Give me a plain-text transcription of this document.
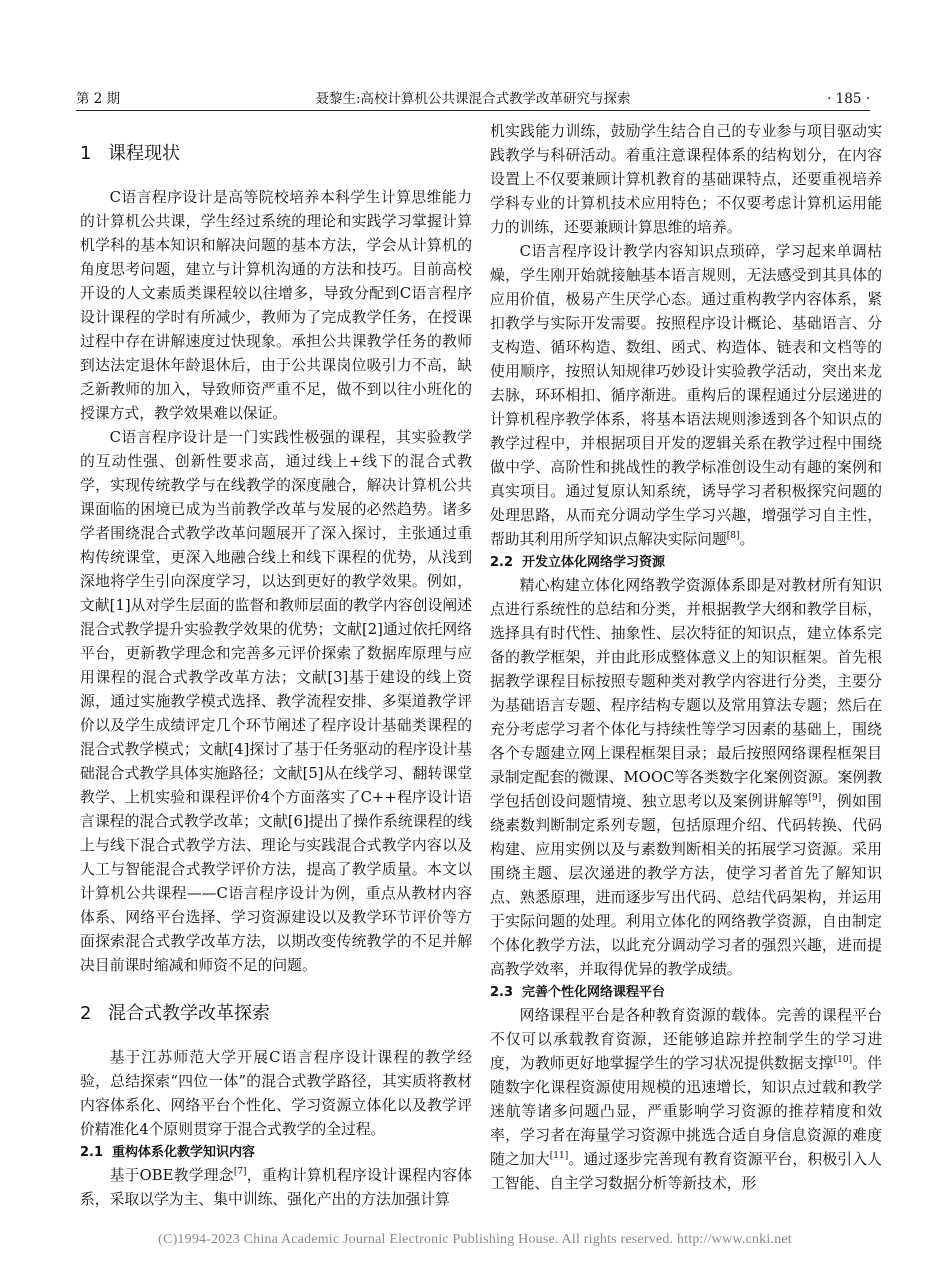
第 2 期	聂黎生:高校计算机公共课混合式教学改革研究与探索	· 185 ·
1 课程现状

C语言程序设计是高等院校培养本科学生计算思维能力的计算机公共课，学生经过系统的理论和实践学习掌握计算机学科的基本知识和解决问题的基本方法，学会从计算机的角度思考问题，建立与计算机沟通的方法和技巧。目前高校开设的人文素质类课程较以往增多，导致分配到C语言程序设计课程的学时有所减少，教师为了完成教学任务，在授课过程中存在讲解速度过快现象。承担公共课教学任务的教师到达法定退休年龄退休后，由于公共课岗位吸引力不高，缺乏新教师的加入，导致师资严重不足，做不到以往小班化的授课方式，教学效果难以保证。

C语言程序设计是一门实践性极强的课程，其实验教学的互动性强、创新性要求高，通过线上+线下的混合式教学，实现传统教学与在线教学的深度融合，解决计算机公共课面临的困境已成为当前教学改革与发展的必然趋势。诸多学者围绕混合式教学改革问题展开了深入探讨，主张通过重构传统课堂，更深入地融合线上和线下课程的优势，从浅到深地将学生引向深度学习，以达到更好的教学效果。例如，文献[1]从对学生层面的监督和教师层面的教学内容创设阐述混合式教学提升实验教学效果的优势；文献[2]通过依托网络平台，更新教学理念和完善多元评价探索了数据库原理与应用课程的混合式教学改革方法；文献[3]基于建设的线上资源，通过实施教学模式选择、教学流程安排、多渠道教学评价以及学生成绩评定几个环节阐述了程序设计基础类课程的混合式教学模式；文献[4]探讨了基于任务驱动的程序设计基础混合式教学具体实施路径；文献[5]从在线学习、翻转课堂教学、上机实验和课程评价4个方面落实了C++程序设计语言课程的混合式教学改革；文献[6]提出了操作系统课程的线上与线下混合式教学方法、理论与实践混合式教学内容以及人工与智能混合式教学评价方法，提高了教学质量。本文以计算机公共课程——C语言程序设计为例，重点从教材内容体系、网络平台选择、学习资源建设以及教学环节评价等方面探索混合式教学改革方法，以期改变传统教学的不足并解决目前课时缩减和师资不足的问题。

2 混合式教学改革探索

基于江苏师范大学开展C语言程序设计课程的教学经验，总结探索“四位一体”的混合式教学路径，其实质将教材内容体系化、网络平台个性化、学习资源立体化以及教学评价精准化4个原则贯穿于混合式教学的全过程。

2.1 重构体系化教学知识内容

基于OBE教学理念[7]，重构计算机程序设计课程内容体系，采取以学为主、集中训练、强化产出的方法加强计算

机实践能力训练，鼓励学生结合自己的专业参与项目驱动实践教学与科研活动。着重注意课程体系的结构划分，在内容设置上不仅要兼顾计算机教育的基础课特点，还要重视培养学科专业的计算机技术应用特色；不仅要考虑计算机运用能力的训练，还要兼顾计算思维的培养。

C语言程序设计教学内容知识点琐碎，学习起来单调枯燥，学生刚开始就接触基本语言规则，无法感受到其具体的应用价值，极易产生厌学心态。通过重构教学内容体系，紧扣教学与实际开发需要。按照程序设计概论、基础语言、分支构造、循环构造、数组、函式、构造体、链表和文档等的使用顺序，按照认知规律巧妙设计实验教学活动，突出来龙去脉，环环相扣、循序渐进。重构后的课程通过分层递进的计算机程序教学体系，将基本语法规则渗透到各个知识点的教学过程中，并根据项目开发的逻辑关系在教学过程中围绕做中学、高阶性和挑战性的教学标准创设生动有趣的案例和真实项目。通过复原认知系统，诱导学习者积极探究问题的处理思路，从而充分调动学生学习兴趣，增强学习自主性，帮助其利用所学知识点解决实际问题[8]。

2.2 开发立体化网络学习资源

精心构建立体化网络教学资源体系即是对教材所有知识点进行系统性的总结和分类，并根据教学大纲和教学目标，选择具有时代性、抽象性、层次特征的知识点，建立体系完备的教学框架，并由此形成整体意义上的知识框架。首先根据教学课程目标按照专题种类对教学内容进行分类，主要分为基础语言专题、程序结构专题以及常用算法专题；然后在充分考虑学习者个体化与持续性等学习因素的基础上，围绕各个专题建立网上课程框架目录；最后按照网络课程框架目录制定配套的微课、MOOC等各类数字化案例资源。案例教学包括创设问题情境、独立思考以及案例讲解等[9]，例如围绕素数判断制定系列专题，包括原理介绍、代码转换、代码构建、应用实例以及与素数判断相关的拓展学习资源。采用围绕主题、层次递进的教学方法，使学习者首先了解知识点、熟悉原理，进而逐步写出代码、总结代码架构，并运用于实际问题的处理。利用立体化的网络教学资源，自由制定个体化教学方法，以此充分调动学习者的强烈兴趣，进而提高教学效率，并取得优异的教学成绩。

2.3 完善个性化网络课程平台

网络课程平台是各种教育资源的载体。完善的课程平台不仅可以承载教育资源，还能够追踪并控制学生的学习进度，为教师更好地掌握学生的学习状况提供数据支撑[10]。伴随数字化课程资源使用规模的迅速增长，知识点过载和教学迷航等诸多问题凸显，严重影响学习资源的推荐精度和效率，学习者在海量学习资源中挑选合适自身信息资源的难度随之加大[11]。通过逐步完善现有教育资源平台，积极引入人工智能、自主学习数据分析等新技术，形

(C)1994-2023 China Academic Journal Electronic Publishing House. All rights reserved. http://www.cnki.net
